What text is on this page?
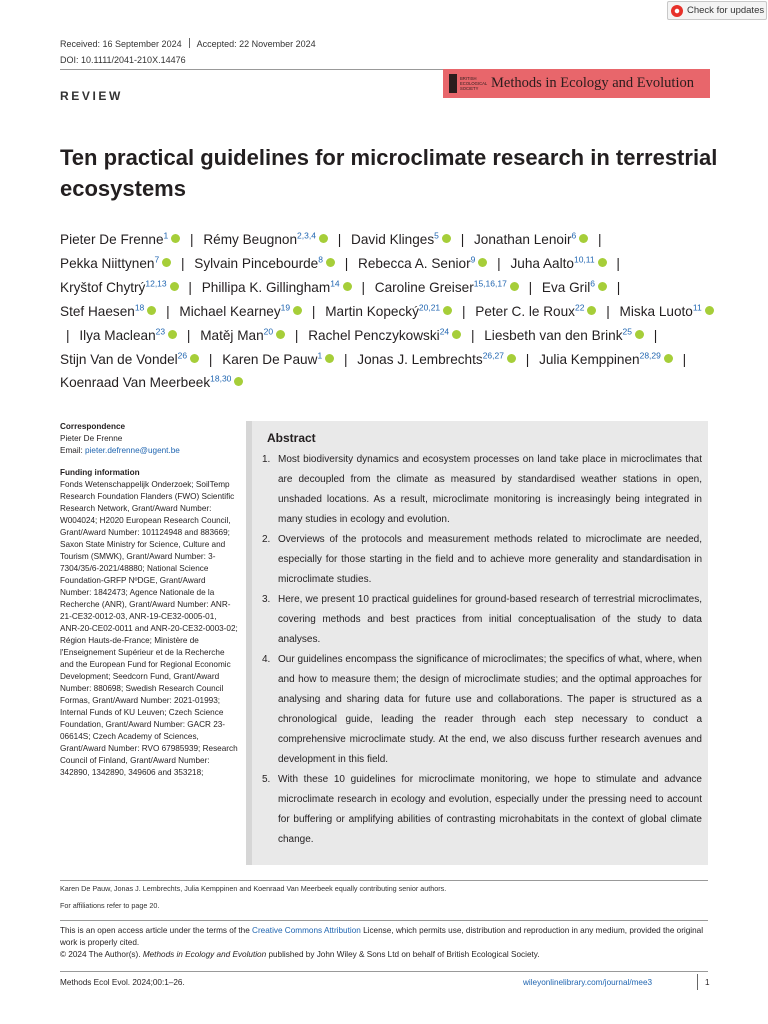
Check for updates
Received: 16 September 2024 Accepted: 22 November 2024
DOI: 10.1111/2041-210X.14476
BRITISH ECOLOGICAL SOCIETY Methods in Ecology and Evolution
REVIEW
Ten practical guidelines for microclimate research in terrestrial ecosystems
Pieter De Frenne$^1$ | Rémy Beugnon$^{2,3,4}$ | David Klinges$^5$ | Jonathan Lenoir$^6$ | Pekka Niittynen$^7$ | Sylvain Pincebourde$^8$ | Rebecca A. Senior$^9$ | Juha Aalto$^{10,11}$ | Kryštof Chytrý$^{12,13}$ | Phillipa K. Gillingham$^{14}$ | Caroline Greiser$^{15,16,17}$ | Eva Gril$^6$ | Stef Haesen$^{18}$ | Michael Kearney$^{19}$ | Martin Kopecký$^{20,21}$ | Peter C. le Roux$^{22}$ | Miska Luoto$^{11}$ | Ilya Maclean$^{23}$ | Matěj Man$^{20}$ | Rachel Penczykowski$^{24}$ | Liesbeth van den Brink$^{25}$ | Stijn Van de Vondel$^{26}$ | Karen De Pauw$^1$ | Jonas J. Lembrechts$^{26,27}$ | Julia Kemppinen$^{28,29}$ | Koenraad Van Meerbeek$^{18,30}$
Correspondence

Pieter De Frenne

Email: pieter.defrenne@ugent.be

Funding information

Fonds Wetenschappelijk Onderzoek; SoilTemp Research Foundation Flanders (FWO) Scientific Research Network, Grant/Award Number: W004024; H2020 European Research Council, Grant/Award Number: 101124948 and 883669; Saxon State Ministry for Science, Culture and Tourism (SMWK), Grant/Award Number: 3-7304/35/6-2021/48880; National Science Foundation-GRFP NºDGE, Grant/Award Number: 1842473; Agence Nationale de la Recherche (ANR), Grant/Award Number: ANR-21-CE32-0012-03, ANR-19-CE32-0005-01, ANR-20-CE02-0011 and ANR-20-CE32-0003-02; Région Hauts-de-France; Ministère de l'Enseignement Supérieur et de la Recherche and the European Fund for Regional Economic Development; Seedcorn Fund, Grant/Award Number: 880698; Swedish Research Council Formas, Grant/Award Number: 2021-01993; Internal Funds of KU Leuven; Czech Science Foundation, Grant/Award Number: GACR 23-06614S; Czech Academy of Sciences, Grant/Award Number: RVO 67985939; Research Council of Finland, Grant/Award Number: 342890, 1342890, 349606 and 353218;

Abstract
1. Most biodiversity dynamics and ecosystem processes on land take place in microclimates that are decoupled from the climate as measured by standardised weather stations in open, unshaded locations. As a result, microclimate monitoring is increasingly being integrated in many studies in ecology and evolution.
2. Overviews of the protocols and measurement methods related to microclimate are needed, especially for those starting in the field and to achieve more generality and standardisation in microclimate studies.
3. Here, we present 10 practical guidelines for ground-based research of terrestrial microclimates, covering methods and best practices from initial conceptualisation of the study to data analyses.
4. Our guidelines encompass the significance of microclimates; the specifics of what, where, when and how to measure them; the design of microclimate studies; and the optimal approaches for analysing and sharing data for future use and collaborations. The paper is structured as a chronological guide, leading the reader through each step necessary to conduct a comprehensive microclimate study. At the end, we also discuss further research avenues and development in this field.
5. With these 10 guidelines for microclimate monitoring, we hope to stimulate and advance microclimate research in ecology and evolution, especially under the pressing need to account for buffering or amplifying abilities of contrasting microhabitats in the context of global climate change.
Karen De Pauw, Jonas J. Lembrechts, Julia Kemppinen and Koenraad Van Meerbeek equally contributing senior authors.
For affiliations refer to page 20.
This is an open access article under the terms of the Creative Commons Attribution License, which permits use, distribution and reproduction in any medium, provided the original work is properly cited.
© 2024 The Author(s). Methods in Ecology and Evolution published by John Wiley & Sons Ltd on behalf of British Ecological Society.
Methods Ecol Evol. 2024;00:1–26.	wileyonlinelibrary.com/journal/mee3	1
